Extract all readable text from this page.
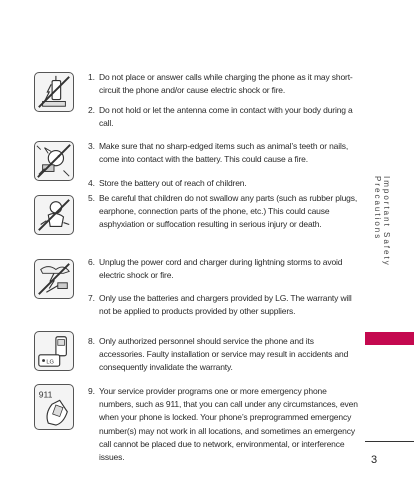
LG
911
1. Do not place or answer calls while charging the phone as it may short-circuit the phone and/or cause electric shock or fire.
2. Do not hold or let the antenna come in contact with your body during a call.
3. Make sure that no sharp-edged items such as animal’s teeth or nails, come into contact with the battery. This could cause a fire.
4. Store the battery out of reach of children.
5. Be careful that children do not swallow any parts (such as rubber plugs, earphone, connection parts of the phone, etc.) This could cause asphyxiation or suffocation resulting in serious injury or death.
6. Unplug the power cord and charger during lightning storms to avoid electric shock or fire.
7. Only use the batteries and chargers provided by LG. The warranty will not be applied to products provided by other suppliers.
8. Only authorized personnel should service the phone and its accessories. Faulty installation or service may result in accidents and consequently invalidate the warranty.
9. Your service provider programs one or more emergency phone numbers, such as 911, that you can call under any circumstances, even when your phone is locked. Your phone’s preprogrammed emergency number(s) may not work in all locations, and sometimes an emergency call cannot be placed due to network, environmental, or interference issues.
Important Safety Precautions
3
